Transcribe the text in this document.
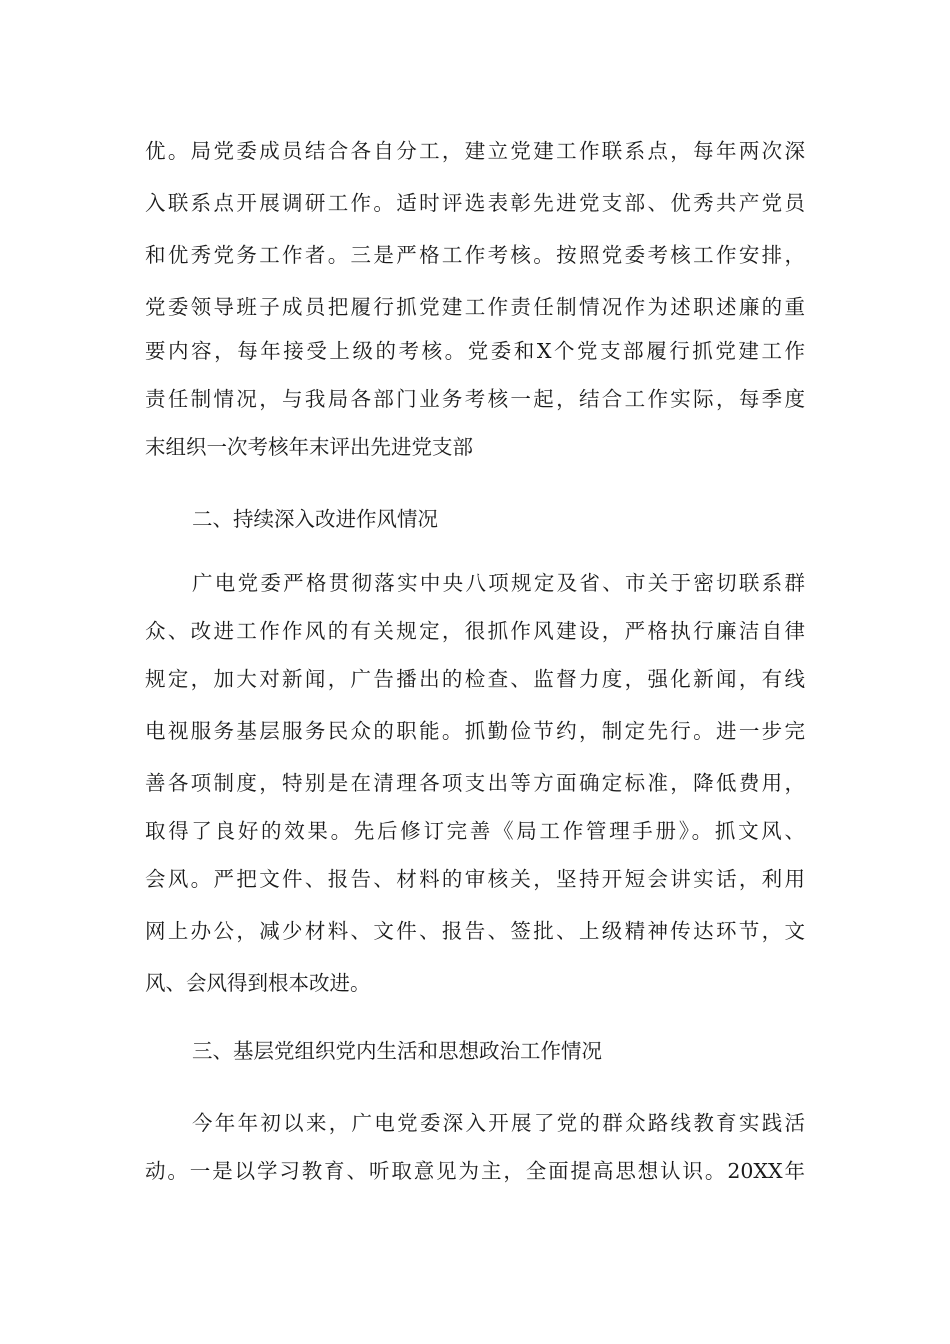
优。局党委成员结合各自分工，建立党建工作联系点，每年两次深
入联系点开展调研工作。适时评选表彰先进党支部、优秀共产党员
和优秀党务工作者。三是严格工作考核。按照党委考核工作安排，
党委领导班子成员把履行抓党建工作责任制情况作为述职述廉的重
要内容，每年接受上级的考核。党委和X个党支部履行抓党建工作
责任制情况，与我局各部门业务考核一起，结合工作实际，每季度
末组织一次考核年末评出先进党支部
二、持续深入改进作风情况
广电党委严格贯彻落实中央八项规定及省、市关于密切联系群
众、改进工作作风的有关规定，很抓作风建设，严格执行廉洁自律
规定，加大对新闻，广告播出的检查、监督力度，强化新闻，有线
电视服务基层服务民众的职能。抓勤俭节约，制定先行。进一步完
善各项制度，特别是在清理各项支出等方面确定标准，降低费用，
取得了良好的效果。先后修订完善《局工作管理手册》。抓文风、
会风。严把文件、报告、材料的审核关，坚持开短会讲实话，利用
网上办公，减少材料、文件、报告、签批、上级精神传达环节，文
风、会风得到根本改进。
三、基层党组织党内生活和思想政治工作情况
今年年初以来，广电党委深入开展了党的群众路线教育实践活
动。一是以学习教育、听取意见为主，全面提高思想认识。20XX年
